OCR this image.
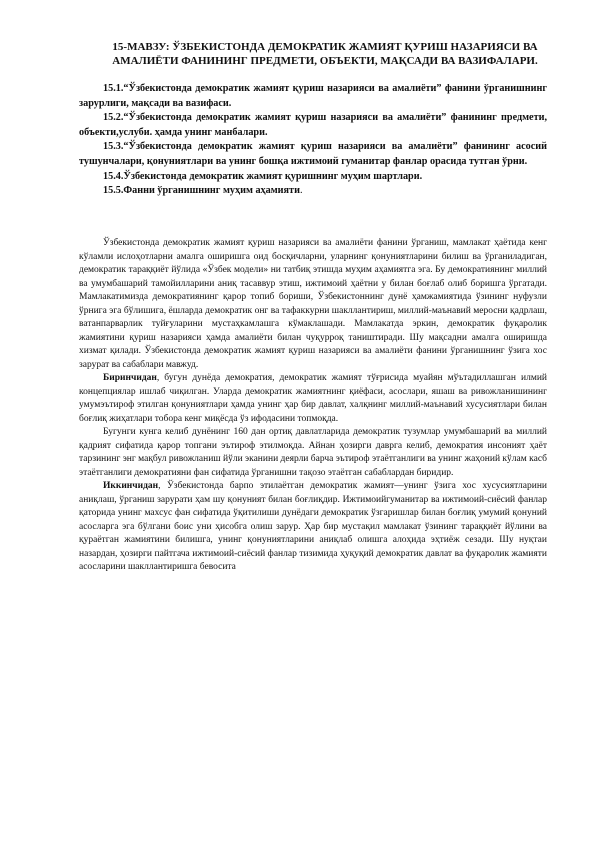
15-МАВЗУ: ЎЗБЕКИСТОНДА ДЕМОКРАТИК ЖАМИЯТ ҚУРИШ НАЗАРИЯСИ ВА АМАЛИЁТИ ФАНИНИНГ ПРЕДМЕТИ, ОБЪЕКТИ, МАҚСАДИ ВА ВАЗИФАЛАРИ.

15.1.“Ўзбекистонда демократик жамият қуриш назарияси ва амалиёти” фанини ўрганишнинг зарурлиги, мақсади ва вазифаси.

15.2.“Ўзбекистонда демократик жамият қуриш назарияси ва амалиёти” фанининг предмети, объекти,услуби. ҳамда унинг манбалари.

15.3.“Ўзбекистонда демократик жамият қуриш назарияси ва амалиёти” фанининг асосий тушунчалари, қонуниятлари ва унинг бошқа ижтимоий гуманитар фанлар орасида тутган ўрни.

15.4.Ўзбекистонда демократик жамият қуришнинг муҳим шартлари.

15.5.Фанни ўрганишнинг муҳим аҳамияти.

Ўзбекистонда демократик жамият қуриш назарияси ва амалиёти фанини ўрганиш, мамлакат ҳаётида кенг кўламли ислоҳотларни амалга оширишга оид босқичларни, уларнинг қонуниятларини билиш ва ўрганиладиган, демократик тараққиёт йўлида «Ўзбек модели» ни татбиқ этишда муҳим аҳамиятга эга. Бу демократиянинг миллий ва умумбашарий тамойилларини аниқ тасаввур этиш, ижтимоий ҳаётни у билан боғлаб олиб боришга ўргатади. Мамлакатимизда демократиянинг қарор топиб бориши, Ўзбекистоннинг дунё ҳамжамиятида ўзининг нуфузли ўрнига эга бўлишига, ёшларда демократик онг ва тафаккурни шакллантириш, миллий-маънавий меросни қадрлаш, ватанпарварлик туйғуларини мустаҳкамлашга кўмаклашади. Мамлакатда эркин, демократик фуқаролик жамиятини қуриш назарияси ҳамда амалиёти билан чуқурроқ таништиради. Шу мақсадни амалга оширишда хизмат қилади. Ўзбекистонда демократик жамият қуриш назарияси ва амалиёти фанини ўрганишнинг ўзига хос зарурат ва сабаблари мавжуд.

Биринчидан, бугун дунёда демократия, демократик жамият тўғрисида муайян мўътадиллашган илмий концепциялар ишлаб чиқилган. Уларда демократик жамиятнинг қиёфаси, асослари, яшаш ва ривожланишининг умумэътироф этилган қонуниятлари ҳамда унинг ҳар бир давлат, халқнинг миллий-маънавий хусусиятлари билан боғлиқ жиҳатлари тобора кенг миқёсда ўз ифодасини топмоқда.

Бугунги кунга келиб дунёнинг 160 дан ортиқ давлатларида демократик тузумлар умумбашарий ва миллий қадрият сифатида қарор топгани эътироф этилмоқда. Айнан ҳозирги даврга келиб, демократия инсоният ҳаёт тарзининг энг мақбул ривожланиш йўли эканини деярли барча эътироф этаётганлиги ва унинг жаҳоний кўлам касб этаётганлиги демократияни фан сифатида ўрганишни тақозо этаётган сабаблардан биридир.

Иккинчидан, Ўзбекистонда барпо этилаётган демократик жамият—унинг ўзига хос хусусиятларини аниқлаш, ўрганиш зарурати ҳам шу қонуният билан боғлиқдир. Ижтимоийгуманитар ва ижтимоий-сиёсий фанлар қаторида унинг махсус фан сифатида ўқитилиши дунёдаги демократик ўзгаришлар билан боғлиқ умумий қонуний асосларга эга бўлгани боис уни ҳисобга олиш зарур. Ҳар бир мустақил мамлакат ўзининг тараққиёт йўлини ва қураётган жамиятини билишга, унинг қонуниятларини аниқлаб олишга алоҳида эҳтиёж сезади. Шу нуқтаи назардан, ҳозирги пайтгача ижтимоий-сиёсий фанлар тизимида ҳуқуқий демократик давлат ва фуқаролик жамияти асосларини шакллантиришга бевосита
